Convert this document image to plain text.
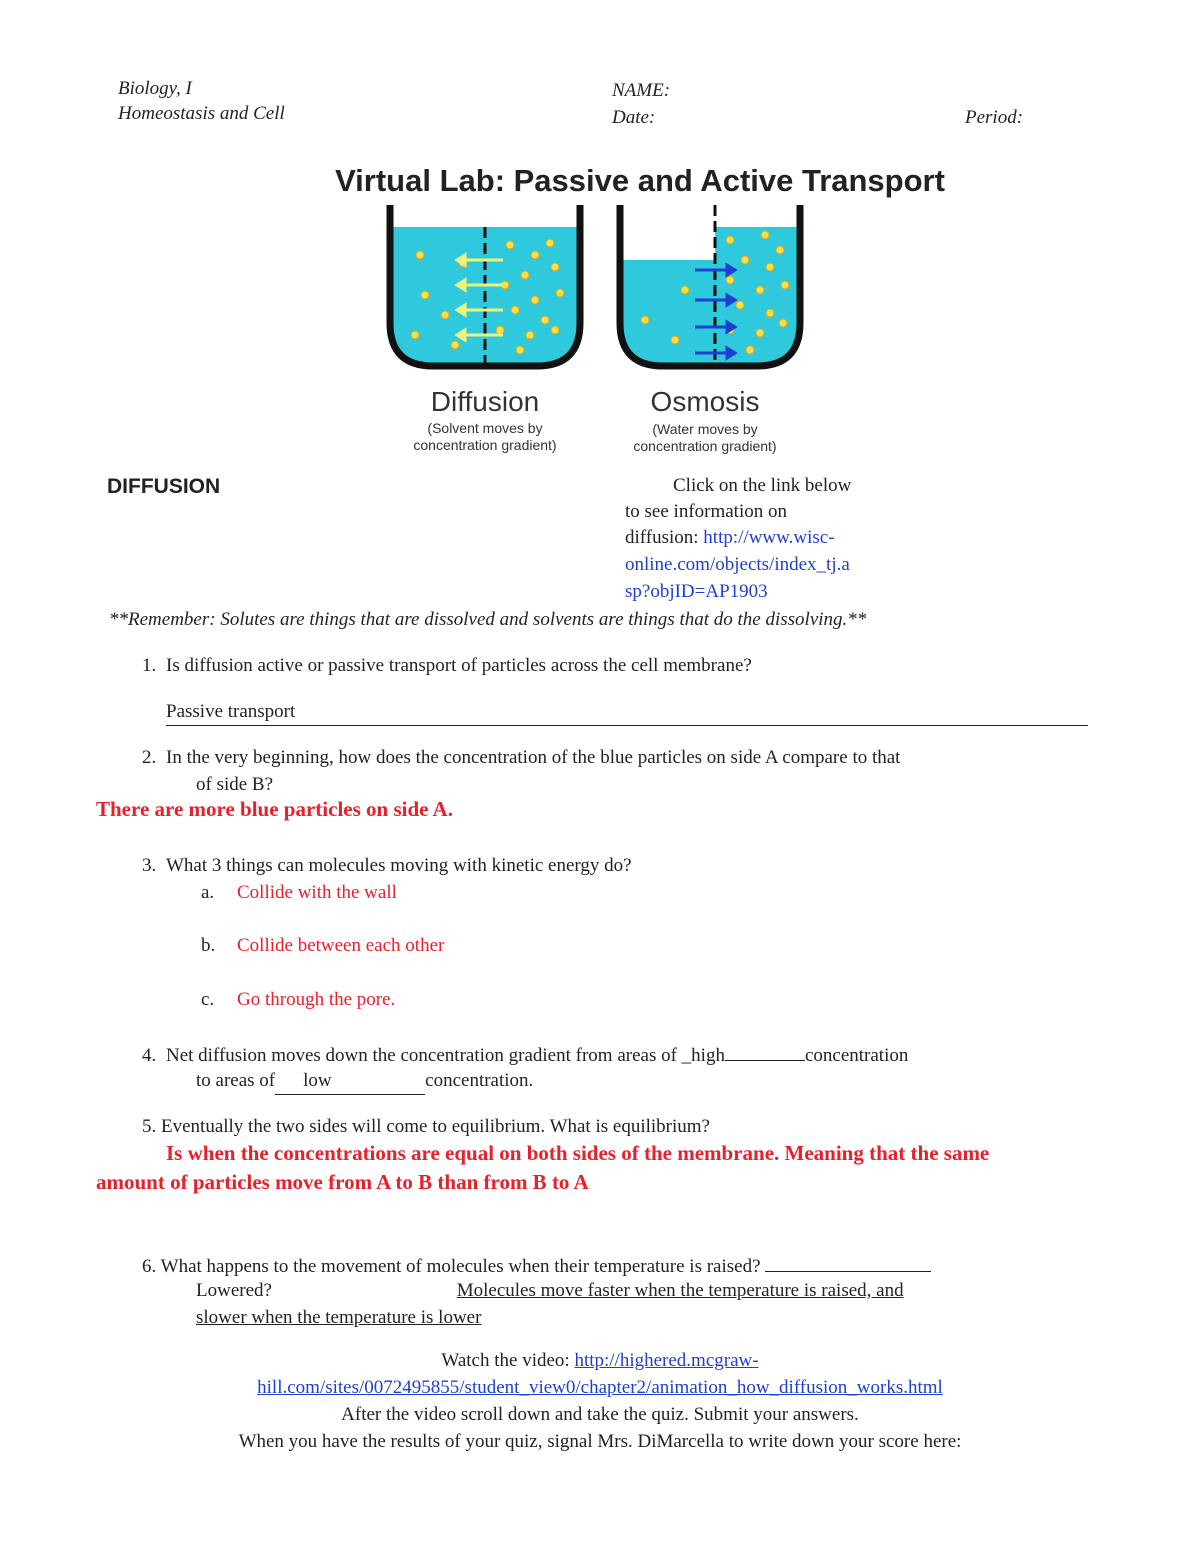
Biology, I
Homeostasis and Cell
NAME:
Date:	Period:
Virtual Lab: Passive and Active Transport
Diffusion
(Solvent moves by
concentration gradient)
Osmosis
(Water moves by
concentration gradient)
DIFFUSION	Click on the link below
to see information on
diffusion: http://www.wisc-
online.com/objects/index_tj.a
sp?objID=AP1903
**Remember: Solutes are things that are dissolved and solvents are things that do the dissolving.**
1. Is diffusion active or passive transport of particles across the cell membrane?
Passive transport
2. In the very beginning, how does the concentration of the blue particles on side A compare to that
of side B?
There are more blue particles on side A.
3. What 3 things can molecules moving with kinetic energy do?
a. Collide with the wall
b. Collide between each other
c. Go through the pore.
4. Net diffusion moves down the concentration gradient from areas of _high	concentration
to areas of low	concentration.
5. Eventually the two sides will come to equilibrium. What is equilibrium?
Is when the concentrations are equal on both sides of the membrane. Meaning that the same
amount of particles move from A to B than from B to A
6. What happens to the movement of molecules when their temperature is raised?
Lowered?	Molecules move faster when the temperature is raised, and
slower when the temperature is lower
Watch the video: http://highered.mcgraw-
hill.com/sites/0072495855/student_view0/chapter2/animation_how_diffusion_works.html
After the video scroll down and take the quiz. Submit your answers.
When you have the results of your quiz, signal Mrs. DiMarcella to write down your score here:
